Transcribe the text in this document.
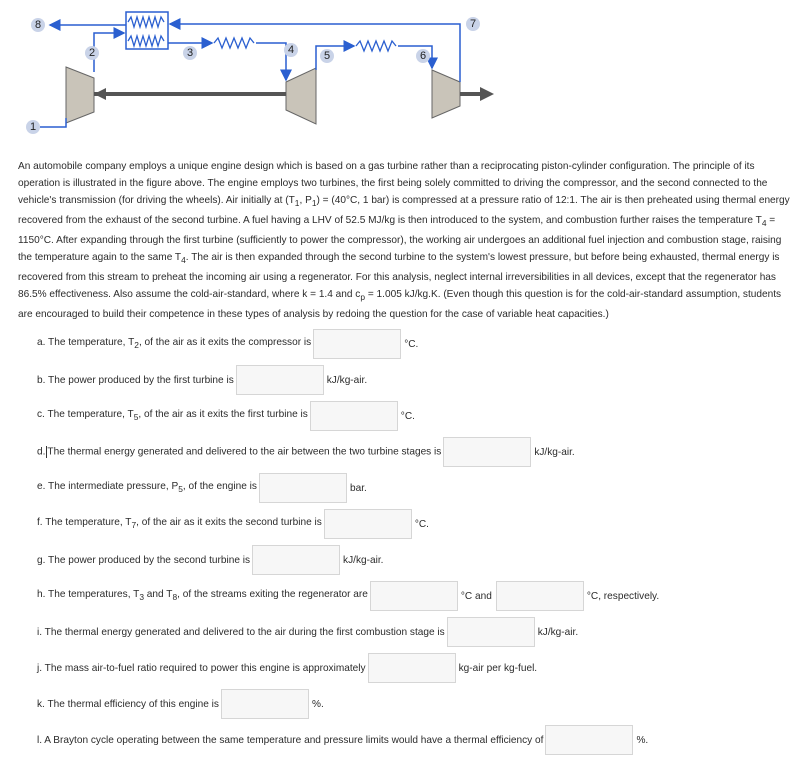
1
2	3	4	5	6
7
8

An automobile company employs a unique engine design which is based on a gas turbine rather than a reciprocating piston-cylinder configuration. The principle of its operation is illustrated in the figure above. The engine employs two turbines, the first being solely committed to driving the compressor, and the second connected to the vehicle's transmission (for driving the wheels). Air initially at ($T_1$, $P_1) = (40^\circ C$, 1 bar) is compressed at a pressure ratio of 12:1. The air is then preheated using thermal energy recovered from the exhaust of the second turbine. A fuel having a LHV of 52.5 MJ/kg is then introduced to the system, and combustion further raises the temperature $T_4 = 1150^\circ C$. After expanding through the first turbine (sufficiently to power the compressor), the working air undergoes an additional fuel injection and combustion stage, raising the temperature again to the same $T_4$. The air is then expanded through the second turbine to the system's lowest pressure, but before being exhausted, thermal energy is recovered from this stream to preheat the incoming air using a regenerator. For this analysis, neglect internal irreversibilities in all devices, except that the regenerator has 86.5% effectiveness. Also assume the cold-air-standard, where k = 1.4 and $c_p = 1.005$ kJ/kg.K. (Even though this question is for the cold-air-standard assumption, students are encouraged to build their competence in these types of analysis by redoing the question for the case of variable heat capacities.)

a. The temperature, $T_2$, of the air as it exits the compressor is	°C.
b. The power produced by the first turbine is	kJ/kg-air.
c. The temperature, $T_5$, of the air as it exits the first turbine is	°C.
d. The thermal energy generated and delivered to the air between the two turbine stages is	kJ/kg-air.
e. The intermediate pressure, $P_5$, of the engine is	bar.
f. The temperature, $T_7$, of the air as it exits the second turbine is	°C.
g. The power produced by the second turbine is	kJ/kg-air.
h. The temperatures, $T_3$ and $T_8$, of the streams exiting the regenerator are	°C and	°C, respectively.
i. The thermal energy generated and delivered to the air during the first combustion stage is	kJ/kg-air.
j. The mass air-to-fuel ratio required to power this engine is approximately	kg-air per kg-fuel.
k. The thermal efficiency of this engine is	%.
l. A Brayton cycle operating between the same temperature and pressure limits would have a thermal efficiency of	%.
